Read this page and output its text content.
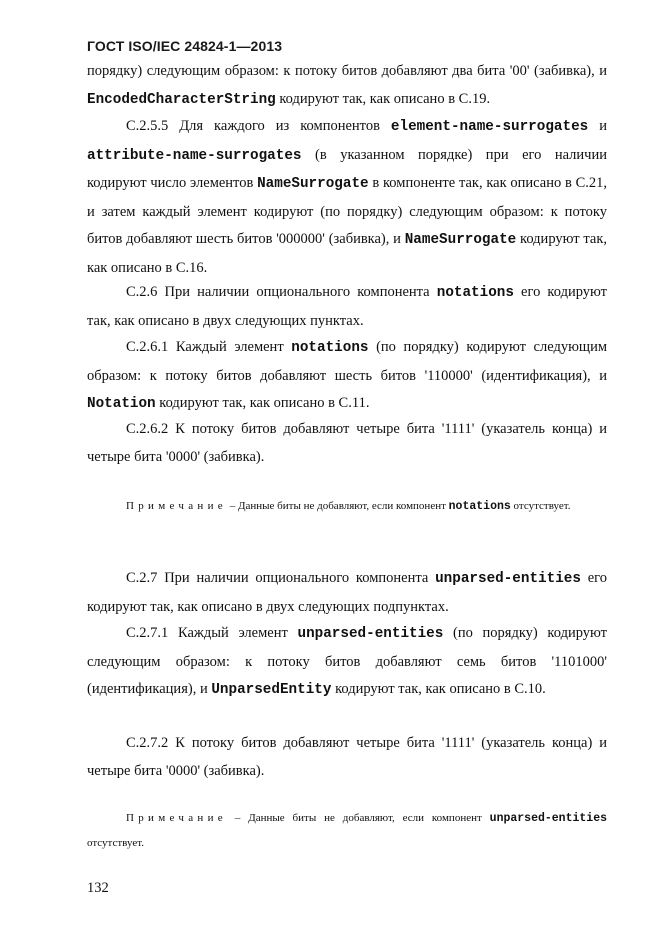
ГОСТ ISO/IEC 24824-1—2013

порядку) следующим образом: к потоку битов добавляют два бита '00' (забивка), и EncodedCharacterString кодируют так, как описано в С.19.

С.2.5.5 Для каждого из компонентов element-name-surrogates и attribute-name-surrogates (в указанном порядке) при его наличии кодируют число элементов NameSurrogate в компоненте так, как описано в С.21, и затем каждый элемент кодируют (по порядку) следующим образом: к потоку битов добавляют шесть битов '000000' (забивка), и NameSurrogate кодируют так, как описано в С.16.

С.2.6 При наличии опционального компонента notations его кодируют так, как описано в двух следующих пунктах.

С.2.6.1 Каждый элемент notations (по порядку) кодируют следующим образом: к потоку битов добавляют шесть битов '110000' (идентификация), и Notation кодируют так, как описано в С.11.

С.2.6.2 К потоку битов добавляют четыре бита '1111' (указатель конца) и четыре бита '0000' (забивка).

Примечание – Данные биты не добавляют, если компонент notations отсутствует.

С.2.7 При наличии опционального компонента unparsed-entities его кодируют так, как описано в двух следующих подпунктах.

С.2.7.1 Каждый элемент unparsed-entities (по порядку) кодируют следующим образом: к потоку битов добавляют семь битов '1101000' (идентификация), и UnparsedEntity кодируют так, как описано в С.10.

С.2.7.2 К потоку битов добавляют четыре бита '1111' (указатель конца) и четыре бита '0000' (забивка).

Примечание – Данные биты не добавляют, если компонент unparsed-entities отсутствует.

132
